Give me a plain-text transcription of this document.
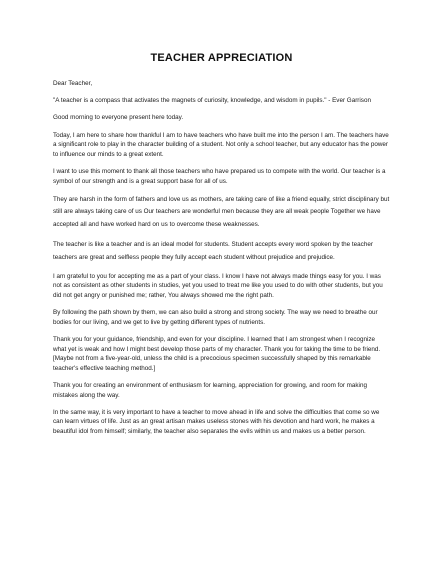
TEACHER APPRECIATION

Dear Teacher,

"A teacher is a compass that activates the magnets of curiosity, knowledge, and wisdom in pupils." - Ever Garrison

Good morning to everyone present here today.

Today, I am here to share how thankful I am to have teachers who have built me into the person I am. The teachers have a significant role to play in the character building of a student. Not only a school teacher, but any educator has the power to influence our minds to a great extent.

I want to use this moment to thank all those teachers who have prepared us to compete with the world. Our teacher is a symbol of our strength and is a great support base for all of us.

They are harsh in the form of fathers and love us as mothers, are taking care of like a friend equally, strict disciplinary but still are always taking care of us Our teachers are wonderful men because they are all weak people Together we have accepted all and have worked hard on us to overcome these weaknesses.

The teacher is like a teacher and is an ideal model for students. Student accepts every word spoken by the teacher teachers are great and selfless people they fully accept each student without prejudice and prejudice.

I am grateful to you for accepting me as a part of your class. I know I have not always made things easy for you. I was not as consistent as other students in studies, yet you used to treat me like you used to do with other students, but you did not get angry or punished me; rather, You always showed me the right path.

By following the path shown by them, we can also build a strong and strong society. The way we need to breathe our bodies for our living, and we get to live by getting different types of nutrients.

Thank you for your guidance, friendship, and even for your discipline. I learned that I am strongest when I recognize what yet is weak and how I might best develop those parts of my character. Thank you for taking the time to be friend.[Maybe not from a five-year-old, unless the child is a precocious specimen successfully shaped by this remarkable teacher's effective teaching method.]

Thank you for creating an environment of enthusiasm for learning, appreciation for growing, and room for making mistakes along the way.

In the same way, it is very important to have a teacher to move ahead in life and solve the difficulties that come so we can learn virtues of life. Just as an great artisan makes useless stones with his devotion and hard work, he makes a beautiful idol from himself; similarly, the teacher also separates the evils within us and makes us a better person.
